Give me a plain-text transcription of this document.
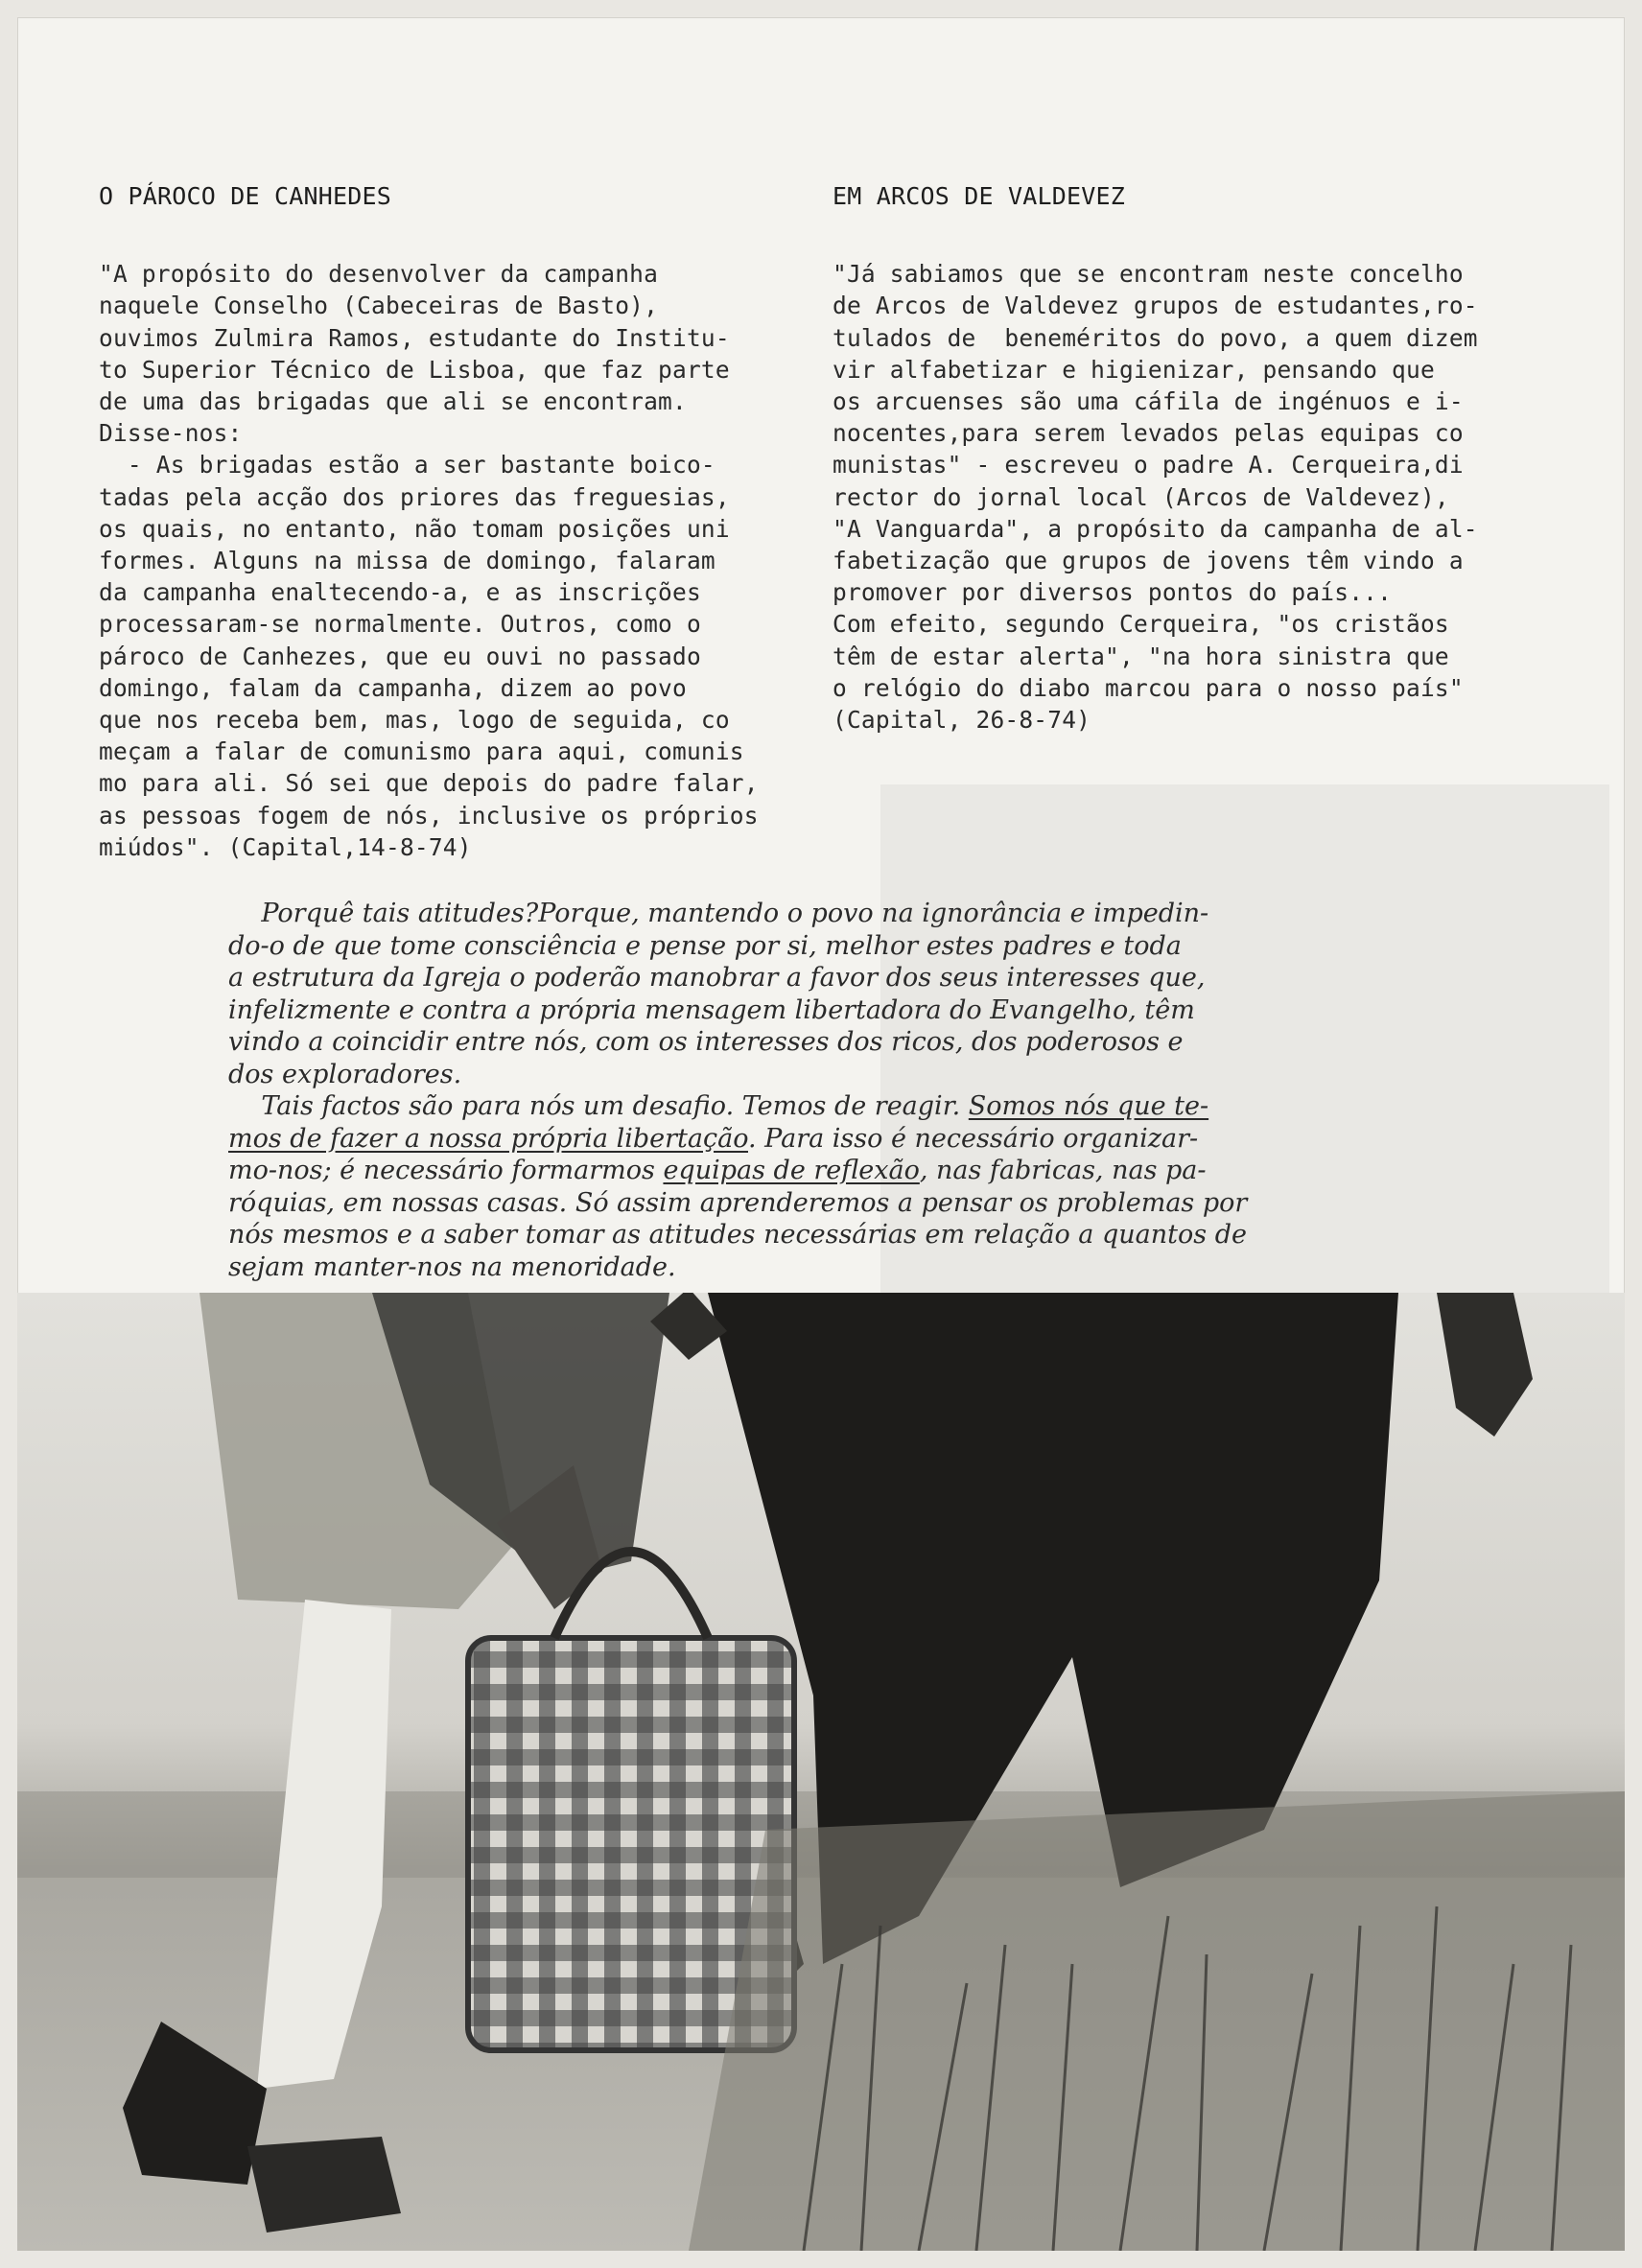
O PÁROCO DE CANHEDES

"A propósito do desenvolver da campanha
naquele Conselho (Cabeceiras de Basto),
ouvimos Zulmira Ramos, estudante do Institu-
to Superior Técnico de Lisboa, que faz parte
de uma das brigadas que ali se encontram.
Disse-nos:
- As brigadas estão a ser bastante boico-
tadas pela acção dos priores das freguesias,
os quais, no entanto, não tomam posições uni
formes. Alguns na missa de domingo, falaram
da campanha enaltecendo-a, e as inscrições
processaram-se normalmente. Outros, como o
pároco de Canhezes, que eu ouvi no passado
domingo, falam da campanha, dizem ao povo
que nos receba bem, mas, logo de seguida, co
meçam a falar de comunismo para aqui, comunis
mo para ali. Só sei que depois do padre falar,
as pessoas fogem de nós, inclusive os próprios
miúdos". (Capital,14-8-74)

EM ARCOS DE VALDEVEZ

"Já sabiamos que se encontram neste concelho
de Arcos de Valdevez grupos de estudantes,ro-
tulados de  beneméritos do povo, a quem dizem
vir alfabetizar e higienizar, pensando que
os arcuenses são uma cáfila de ingénuos e i-
nocentes,para serem levados pelas equipas co
munistas" - escreveu o padre A. Cerqueira,di
rector do jornal local (Arcos de Valdevez),
"A Vanguarda", a propósito da campanha de al-
fabetização que grupos de jovens têm vindo a
promover por diversos pontos do país...
Com efeito, segundo Cerqueira, "os cristãos
têm de estar alerta", "na hora sinistra que
o relógio do diabo marcou para o nosso país"
(Capital, 26-8-74)

Porquê tais atitudes?Porque, mantendo o povo na ignorância e impedin-
do-o de que tome consciência e pense por si, melhor estes padres e toda
a estrutura da Igreja o poderão manobrar a favor dos seus interesses que,
infelizmente e contra a própria mensagem libertadora do Evangelho, têm
vindo a coincidir entre nós, com os interesses dos ricos, dos poderosos e
dos exploradores.
Tais factos são para nós um desafio. Temos de reagir. Somos nós que te-
mos de fazer a nossa própria libertação. Para isso é necessário organizar-
mo-nos; é necessário formarmos equipas de reflexão, nas fabricas, nas pa-
róquias, em nossas casas. Só assim aprenderemos a pensar os problemas por
nós mesmos e a saber tomar as atitudes necessárias em relação a quantos de
sejam manter-nos na menoridade.
